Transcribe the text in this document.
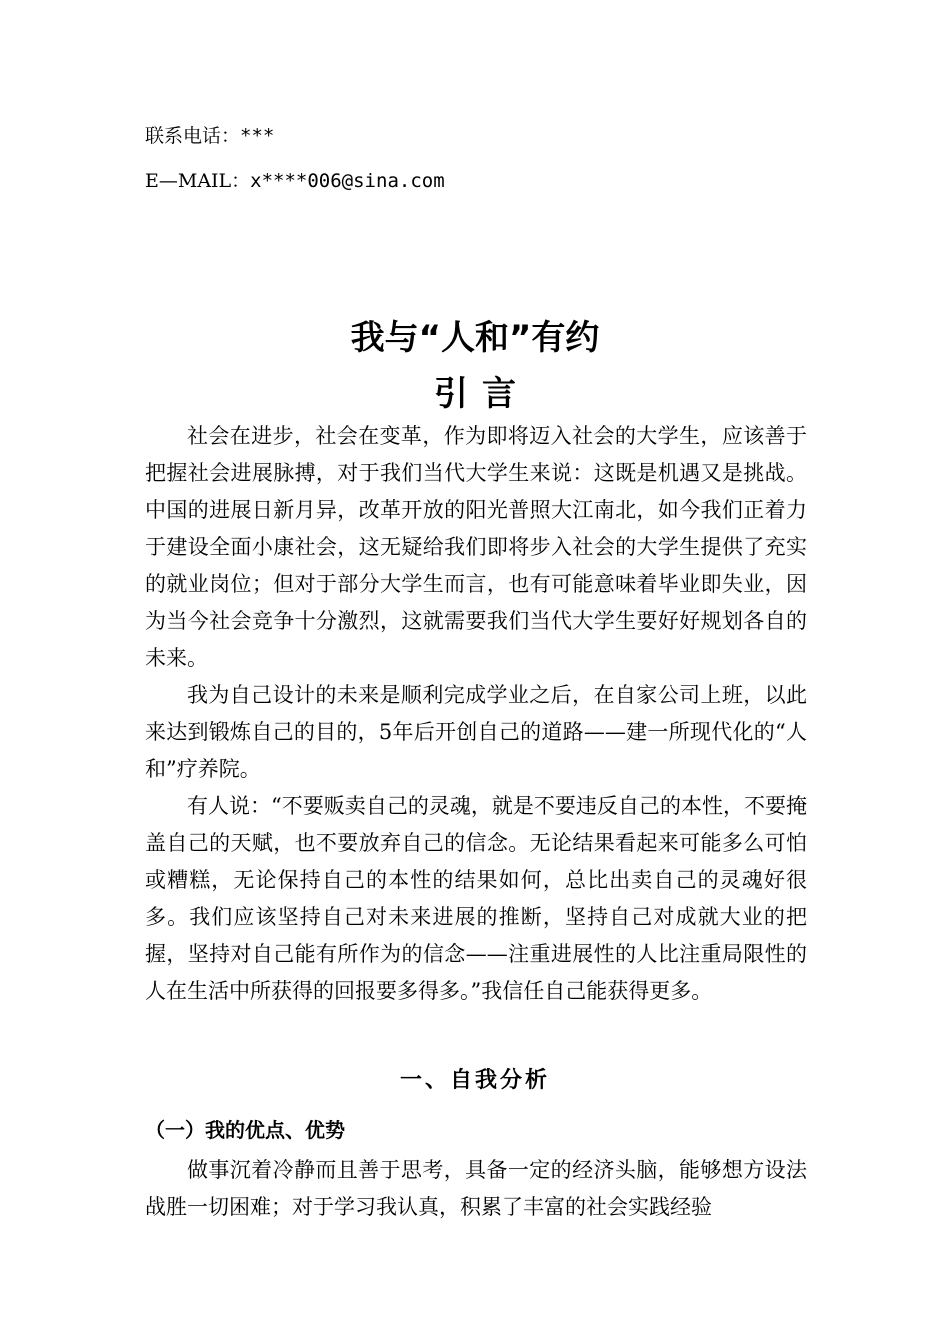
联系电话：***
E—MAIL：x****006@sina.com
我与“人和”有约
引言

社会在进步，社会在变革，作为即将迈入社会的大学生，应该善于把握社会进展脉搏，对于我们当代大学生来说：这既是机遇又是挑战。中国的进展日新月异，改革开放的阳光普照大江南北，如今我们正着力于建设全面小康社会，这无疑给我们即将步入社会的大学生提供了充实的就业岗位；但对于部分大学生而言，也有可能意味着毕业即失业，因为当今社会竞争十分激烈，这就需要我们当代大学生要好好规划各自的未来。

我为自己设计的未来是顺利完成学业之后，在自家公司上班，以此来达到锻炼自己的目的，5年后开创自己的道路——建一所现代化的“人和”疗养院。

有人说：“不要贩卖自己的灵魂，就是不要违反自己的本性，不要掩盖自己的天赋，也不要放弃自己的信念。无论结果看起来可能多么可怕或糟糕，无论保持自己的本性的结果如何，总比出卖自己的灵魂好很多。我们应该坚持自己对未来进展的推断，坚持自己对成就大业的把握，坚持对自己能有所作为的信念——注重进展性的人比注重局限性的人在生活中所获得的回报要多得多。”我信任自己能获得更多。

一、自我分析
（一）我的优点、优势

做事沉着冷静而且善于思考，具备一定的经济头脑，能够想方设法战胜一切困难；对于学习我认真，积累了丰富的社会实践经验
